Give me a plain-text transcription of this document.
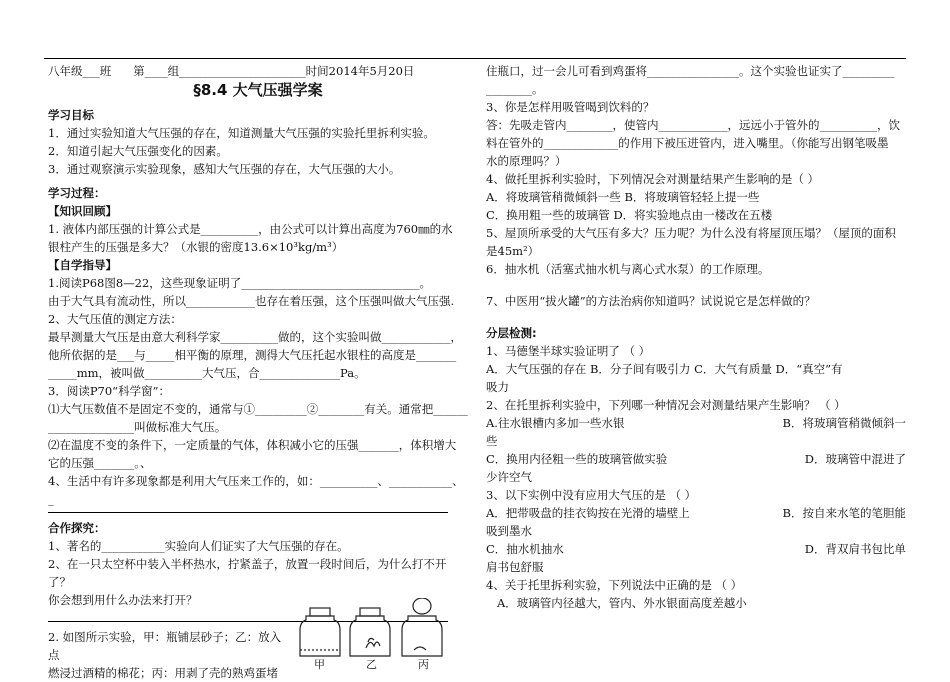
八年级___班      第____组______________________时间2014年5月20日

§8.4 大气压强学案

学习目标

1．通过实验知道大气压强的存在，知道测量大气压强的实验托里拆利实验。

2．知道引起大气压强变化的因素。

3．通过观察演示实验现象，感知大气压强的存在，大气压强的大小。

学习过程：

【知识回顾】

1. 液体内部压强的计算公式是__________，由公式可以计算出高度为760㎜的水

银柱产生的压强是多大？（水银的密度13.6×10³kg/m³）

【自学指导】

1.阅读P68图8—22，这些现象证明了_______________________________。

由于大气具有流动性，所以____________也存在着压强，这个压强叫做大气压强.

2、大气压值的测定方法：

最早测量大气压是由意大利科学家__________做的，这个实验叫做____________，

他所依据的是___与_____相平衡的原理，测得大气压托起水银柱的高度是_______

_____mm，被叫做__________大气压，合______________Pa。

3．阅读P70“科学窗”：

⑴大气压数值不是固定不变的，通常与①_________②________有关。通常把______

_______________叫做标准大气压。

⑵在温度不变的条件下，一定质量的气体，体积减小它的压强_______，体积增大

它的压强_______。、

4、生活中有许多现象都是利用大气压来工作的，如：__________、___________、_

合作探究：

1、著名的___________实验向人们证实了大气压强的存在。

2、在一只太空杯中装入半杯热水，拧紧盖子，放置一段时间后，为什么打不开了？

你会想到用什么办法来打开？

2. 如图所示实验，甲：瓶铺层砂子；乙：放入点

燃浸过酒精的棉花；丙：用剥了壳的熟鸡蛋堵

甲	乙	丙

住瓶口，过一会儿可看到鸡蛋将________________。这个实验也证实了_________

________。

3、你是怎样用吸管喝到饮料的？

答：先吸走管内________，使管内____________，远远小于管外的__________，饮

料在管外的_____________的作用下被压进管内，进入嘴里。（你能写出钢笔吸墨

水的原理吗？）

4、做托里拆利实验时，下列情况会对测量结果产生影响的是（ ）

A．将玻璃管稍微倾斜一些 B．将玻璃管轻轻上提一些

C．换用粗一些的玻璃管 D．将实验地点由一楼改在五楼

5、屋顶所承受的大气压有多大？压力呢？为什么没有将屋顶压塌？（屋顶的面积

是45m²）

6．抽水机（活塞式抽水机与离心式水泵）的工作原理。

7、中医用“拔火罐”的方法治病你知道吗？试说说它是怎样做的？

分层检测:

1、马德堡半球实验证明了 （ ）

A．大气压强的存在 B．分子间有吸引力 C．大气有质量 D．“真空”有

吸力

2、在托里拆利实验中，下列哪一种情况会对测量结果产生影响？ （ ）

A.往水银槽内多加一些水银	B．将玻璃管稍微倾斜一

些

C．换用内径粗一些的玻璃管做实验	D．玻璃管中混进了

少许空气

3、以下实例中没有应用大气压的是 （ ）

A．把带吸盘的挂衣钩按在光滑的墙壁上	B．按自来水笔的笔胆能

吸到墨水

C．抽水机抽水	D．背双肩书包比单

肩书包舒服

4、关于托里拆利实验，下列说法中正确的是 （ ）

A．玻璃管内径越大，管内、外水银面高度差越小
